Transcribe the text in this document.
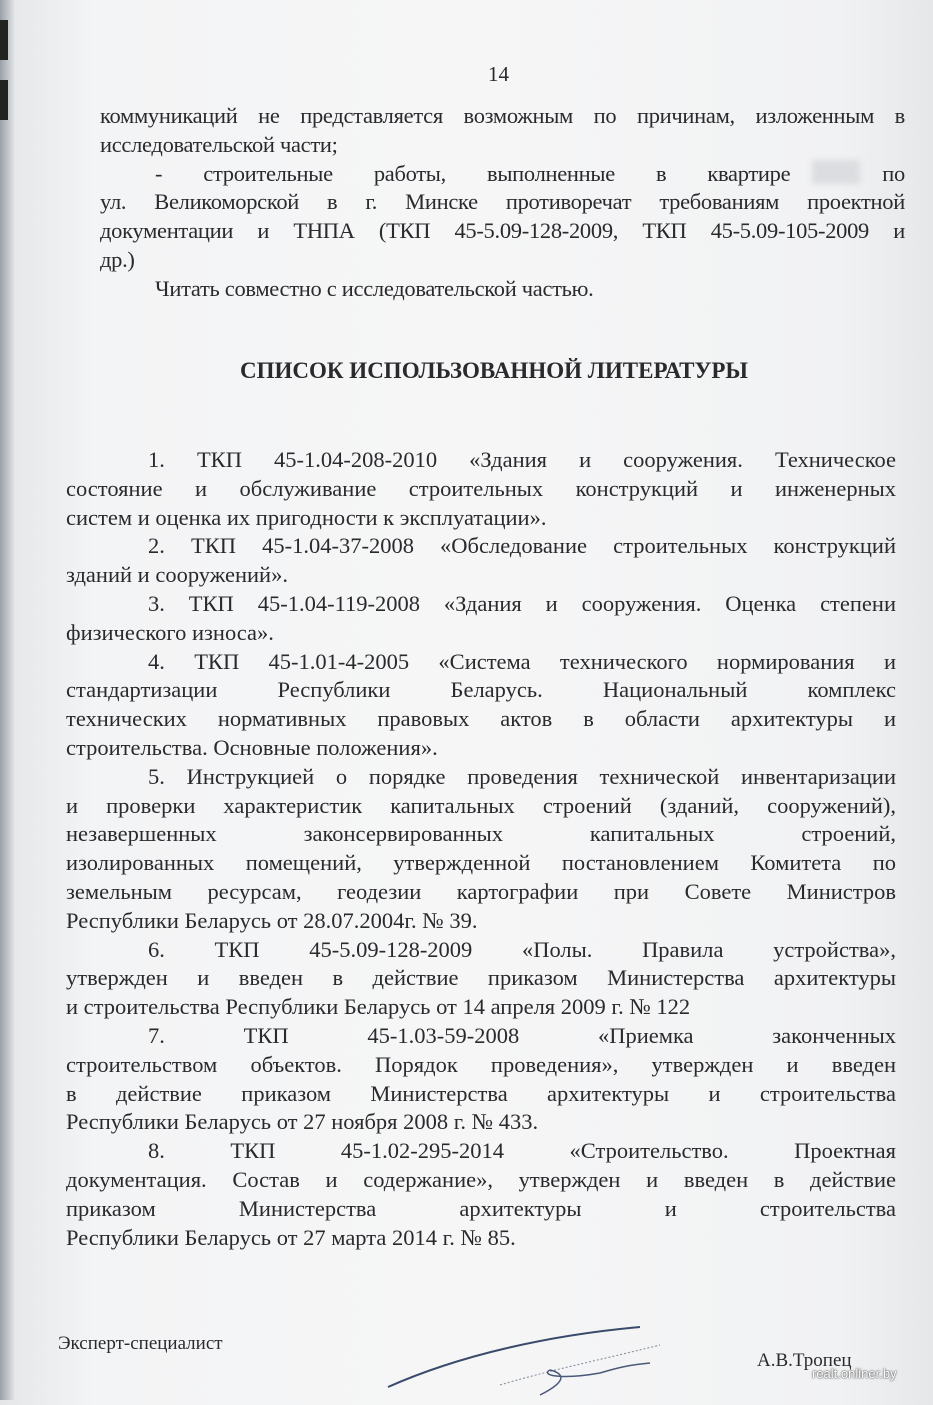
14
коммуникаций не представляется возможным по причинам, изложенным в
исследовательской части;
- строительные работы, выполненные в квартире	по
ул. Великоморской в г. Минске противоречат требованиям проектной
документации и ТНПА (ТКП 45-5.09-128-2009, ТКП 45-5.09-105-2009 и
др.)
Читать совместно с исследовательской частью.
СПИСОК ИСПОЛЬЗОВАННОЙ ЛИТЕРАТУРЫ
1. ТКП 45-1.04-208-2010 «Здания и сооружения. Техническое
состояние и обслуживание строительных конструкций и инженерных
систем и оценка их пригодности к эксплуатации».
2. ТКП 45-1.04-37-2008 «Обследование строительных конструкций
зданий и сооружений».
3. ТКП 45-1.04-119-2008 «Здания и сооружения. Оценка степени
физического износа».
4. ТКП 45-1.01-4-2005 «Система технического нормирования и
стандартизации Республики Беларусь. Национальный комплекс
технических нормативных правовых актов в области архитектуры и
строительства. Основные положения».
5. Инструкцией о порядке проведения технической инвентаризации
и проверки характеристик капитальных строений (зданий, сооружений),
незавершенных законсервированных капитальных строений,
изолированных помещений, утвержденной постановлением Комитета по
земельным ресурсам, геодезии картографии при Совете Министров
Республики Беларусь от 28.07.2004г. № 39.
6. ТКП 45-5.09-128-2009 «Полы. Правила устройства»,
утвержден и введен в действие приказом Министерства архитектуры
и строительства Республики Беларусь от 14 апреля 2009 г. № 122
7. ТКП 45-1.03-59-2008 «Приемка законченных
строительством объектов. Порядок проведения», утвержден и введен
в действие приказом Министерства архитектуры и строительства
Республики Беларусь от 27 ноября 2008 г. № 433.
8. ТКП 45-1.02-295-2014 «Строительство. Проектная
документация. Состав и содержание», утвержден и введен в действие
приказом Министерства архитектуры и строительства
Республики Беларусь от 27 марта 2014 г. № 85.
Эксперт-специалист
А.В.Тропец
realt.onliner.by
